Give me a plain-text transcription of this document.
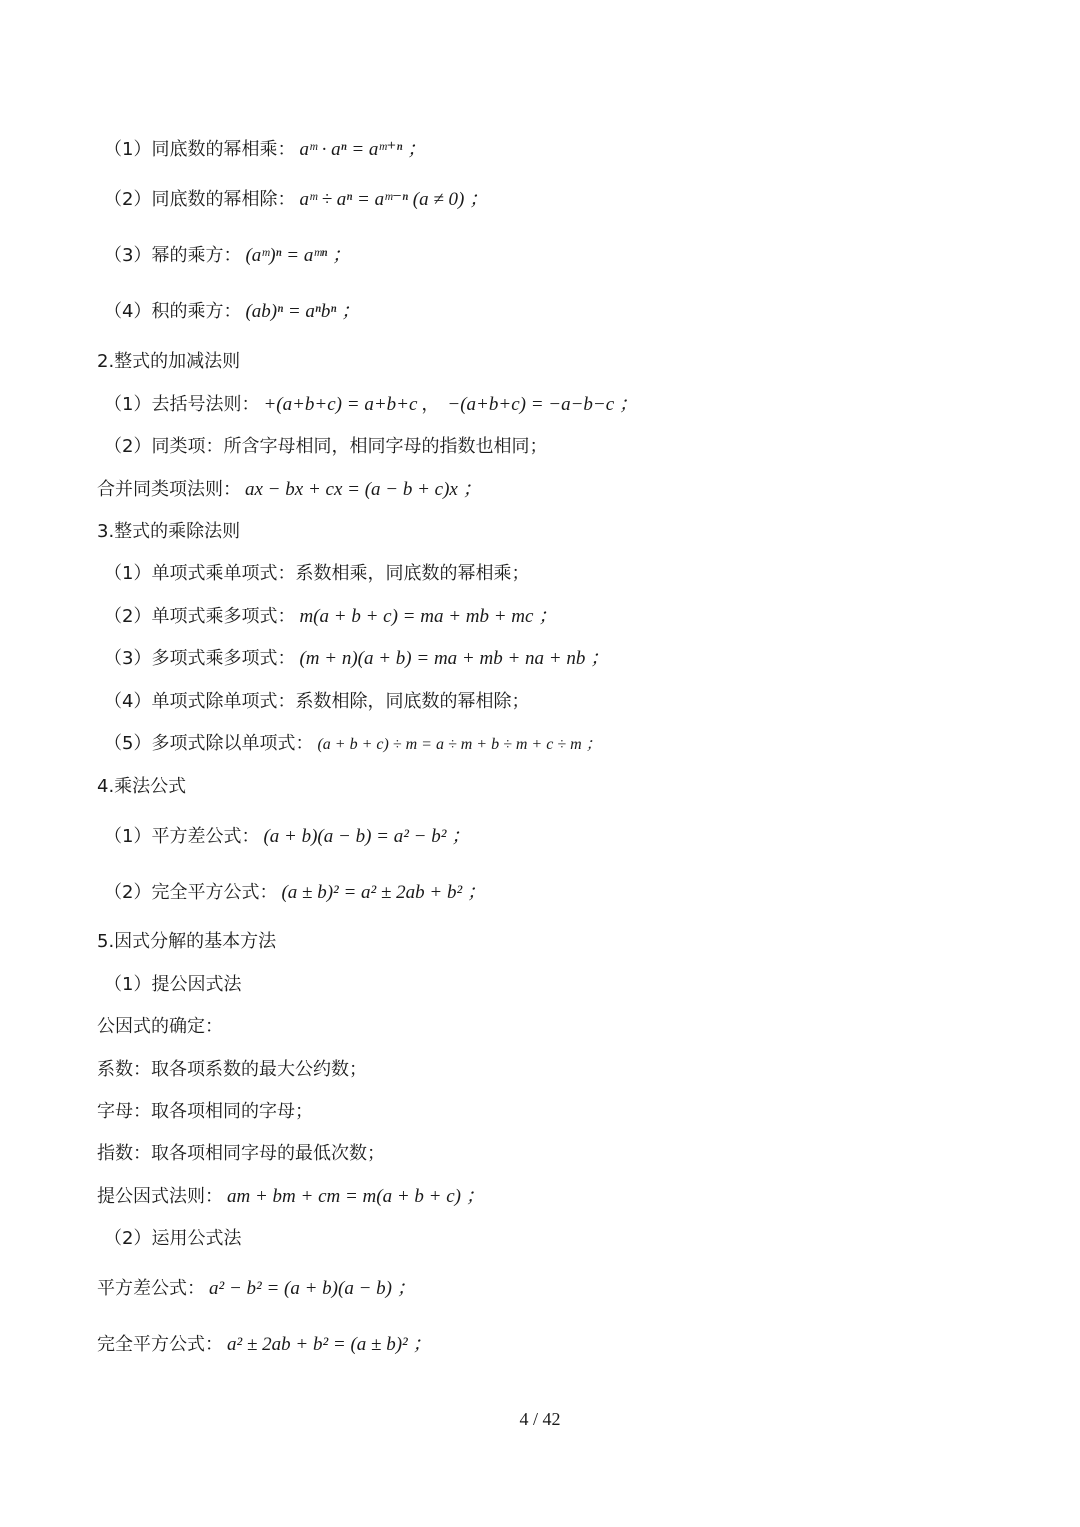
（1）同底数的幂相乘： aᵐ · aⁿ = aᵐ⁺ⁿ ；
（2）同底数的幂相除： aᵐ ÷ aⁿ = aᵐ⁻ⁿ (a ≠ 0) ；
（3）幂的乘方： (aᵐ)ⁿ = aᵐⁿ ；
（4）积的乘方： (ab)ⁿ = aⁿbⁿ ；
2.整式的加减法则
（1）去括号法则： +(a+b+c) = a+b+c ， −(a+b+c) = −a−b−c ；
（2）同类项：所含字母相同，相同字母的指数也相同；
合并同类项法则： ax − bx + cx = (a − b + c)x ；
3.整式的乘除法则
（1）单项式乘单项式：系数相乘，同底数的幂相乘；
（2）单项式乘多项式： m(a + b + c) = ma + mb + mc ；
（3）多项式乘多项式： (m + n)(a + b) = ma + mb + na + nb ；
（4）单项式除单项式：系数相除，同底数的幂相除；
（5）多项式除以单项式： (a + b + c) ÷ m = a ÷ m + b ÷ m + c ÷ m ；
4.乘法公式
（1）平方差公式： (a + b)(a − b) = a² − b² ；
（2）完全平方公式： (a ± b)² = a² ± 2ab + b² ；
5.因式分解的基本方法
（1）提公因式法
公因式的确定：
系数：取各项系数的最大公约数；
字母：取各项相同的字母；
指数：取各项相同字母的最低次数；
提公因式法则： am + bm + cm = m(a + b + c) ；
（2）运用公式法
平方差公式： a² − b² = (a + b)(a − b) ；
完全平方公式： a² ± 2ab + b² = (a ± b)² ；
4 / 42
